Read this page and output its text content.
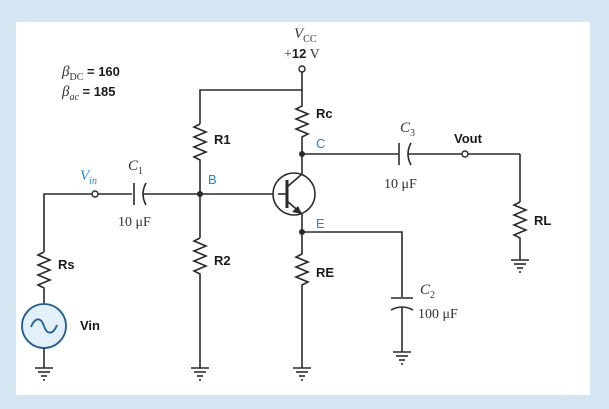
$\beta_{DC}$ $^{= 160}$
$\beta_{ac}$ $^{= 185}$
$V_{CC}$
+12 V
Rc
C
$C_3$
10 μF
Vout
RL
R1
B
$V_{in}$
$C_1$
10 μF	E
RE
$C_2$
100 μF
R2
Rs
Vin
